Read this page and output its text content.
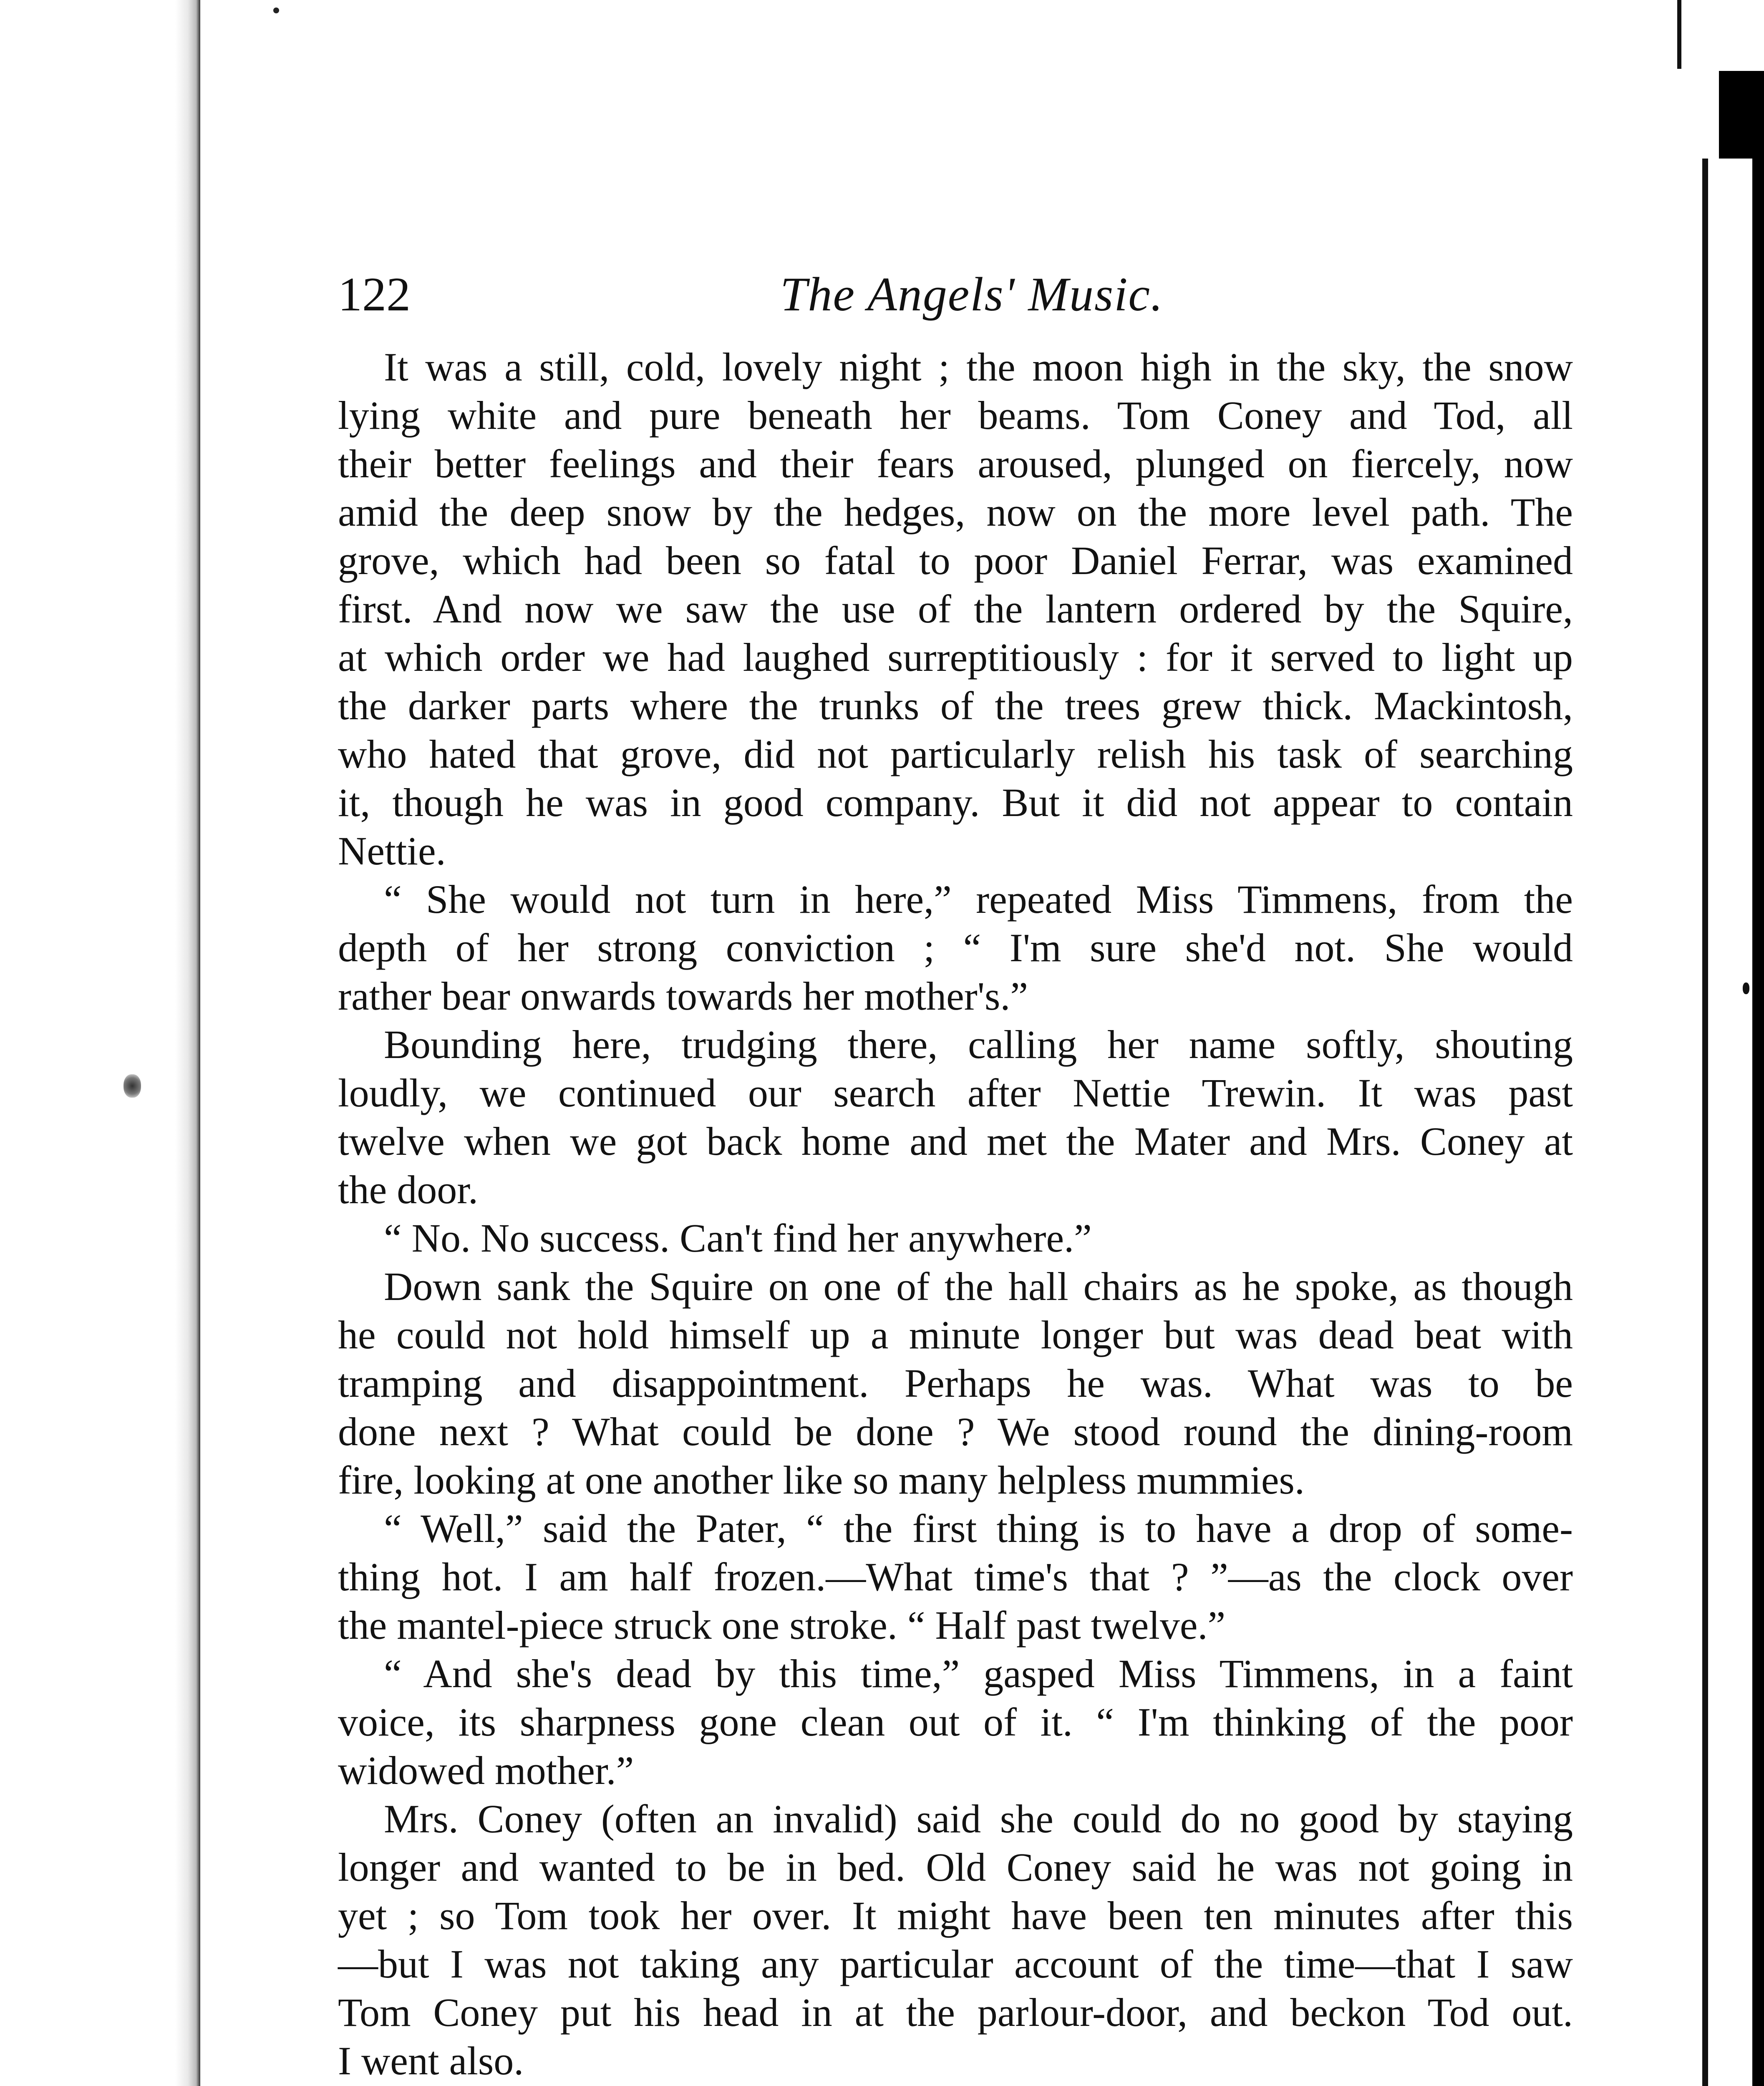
122	The Angels' Music.
It was a still, cold, lovely night ; the moon high in the sky, the snow
lying white and pure beneath her beams. Tom Coney and Tod, all
their better feelings and their fears aroused, plunged on fiercely, now
amid the deep snow by the hedges, now on the more level path. The
grove, which had been so fatal to poor Daniel Ferrar, was examined
first. And now we saw the use of the lantern ordered by the Squire,
at which order we had laughed surreptitiously : for it served to light up
the darker parts where the trunks of the trees grew thick. Mackintosh,
who hated that grove, did not particularly relish his task of searching
it, though he was in good company. But it did not appear to contain
Nettie.
“ She would not turn in here,” repeated Miss Timmens, from the
depth of her strong conviction ; “ I'm sure she'd not. She would
rather bear onwards towards her mother's.”
Bounding here, trudging there, calling her name softly, shouting
loudly, we continued our search after Nettie Trewin. It was past
twelve when we got back home and met the Mater and Mrs. Coney at
the door.
“ No. No success. Can't find her anywhere.”
Down sank the Squire on one of the hall chairs as he spoke, as though
he could not hold himself up a minute longer but was dead beat with
tramping and disappointment. Perhaps he was. What was to be
done next ? What could be done ? We stood round the dining-room
fire, looking at one another like so many helpless mummies.
“ Well,” said the Pater, “ the first thing is to have a drop of some-
thing hot. I am half frozen.—What time's that ? ”—as the clock over
the mantel-piece struck one stroke. “ Half past twelve.”
“ And she's dead by this time,” gasped Miss Timmens, in a faint
voice, its sharpness gone clean out of it. “ I'm thinking of the poor
widowed mother.”
Mrs. Coney (often an invalid) said she could do no good by staying
longer and wanted to be in bed. Old Coney said he was not going in
yet ; so Tom took her over. It might have been ten minutes after this
—but I was not taking any particular account of the time—that I saw
Tom Coney put his head in at the parlour-door, and beckon Tod out.
I went also.
